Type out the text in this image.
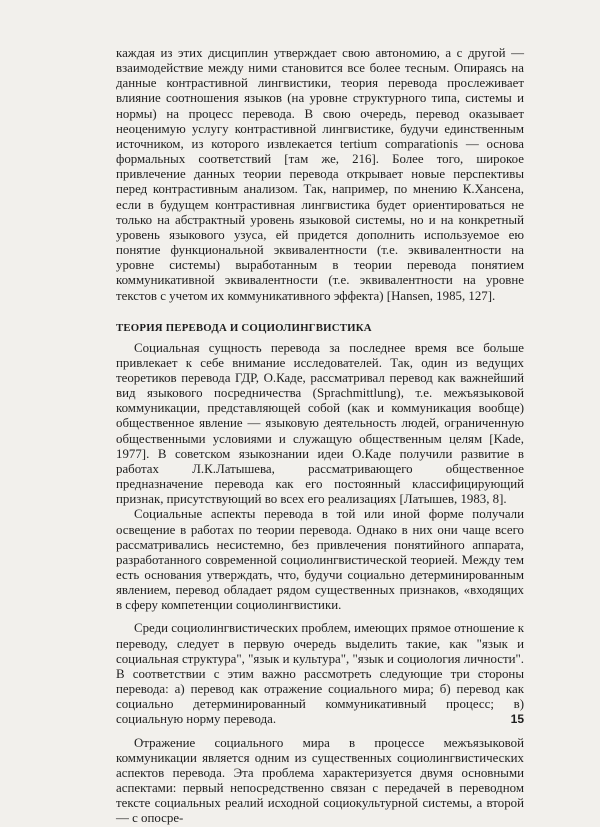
каждая из этих дисциплин утверждает свою автономию, а с другой — взаимодействие между ними становится все более тесным. Опираясь на данные контрастивной лингвистики, теория перевода прослеживает влияние соотношения языков (на уровне структурного типа, системы и нормы) на процесс перевода. В свою очередь, перевод оказывает неоценимую услугу контрастивной лингвистике, будучи единственным источником, из которого извлекается tertium comparationis — основа формальных соответствий [там же, 216]. Более того, широкое привлечение данных теории перевода открывает новые перспективы перед контрастивным анализом. Так, например, по мнению К.Хансена, если в будущем контрастивная лингвистика будет ориентироваться не только на абстрактный уровень языковой системы, но и на конкретный уровень языкового узуса, ей придется дополнить используемое ею понятие функциональной эквивалентности (т.е. эквивалентности на уровне системы) выработанным в теории перевода понятием коммуникативной эквивалентности (т.е. эквивалентности на уровне текстов с учетом их коммуникативного эффекта) [Hansen, 1985, 127].

ТЕОРИЯ ПЕРЕВОДА И СОЦИОЛИНГВИСТИКА

Социальная сущность перевода за последнее время все больше привлекает к себе внимание исследователей. Так, один из ведущих теоретиков перевода ГДР, О.Каде, рассматривал перевод как важнейший вид языкового посредничества (Sprachmittlung), т.е. межъязыковой коммуникации, представляющей собой (как и коммуникация вообще) общественное явление — языковую деятельность людей, ограниченную общественными условиями и служащую общественным целям [Kade, 1977]. В советском языкознании идеи О.Каде получили развитие в работах Л.К.Латышева, рассматривающего общественное предназначение перевода как его постоянный классифицирующий признак, присутствующий во всех его реализациях [Латышев, 1983, 8].

Социальные аспекты перевода в той или иной форме получали освещение в работах по теории перевода. Однако в них они чаще всего рассматривались несистемно, без привлечения понятийного аппарата, разработанного современной социолингвистической теорией. Между тем есть основания утверждать, что, будучи социально детерминированным явлением, перевод обладает рядом существенных признаков, «входящих в сферу компетенции социолингвистики.

Среди социолингвистических проблем, имеющих прямое отношение к переводу, следует в первую очередь выделить такие, как "язык и социальная структура", "язык и культура", "язык и социология личности". В соответствии с этим важно рассмотреть следующие три стороны перевода: а) перевод как отражение социального мира; б) перевод как социально детерминированный коммуникативный процесс; в) социальную норму перевода.

Отражение социального мира в процессе межъязыковой коммуникации является одним из существенных социолингвистических аспектов перевода. Эта проблема характеризуется двумя основными аспектами: первый непосредственно связан с передачей в переводном тексте социальных реалий исходной социокультурной системы, а второй — с опосре-

15
